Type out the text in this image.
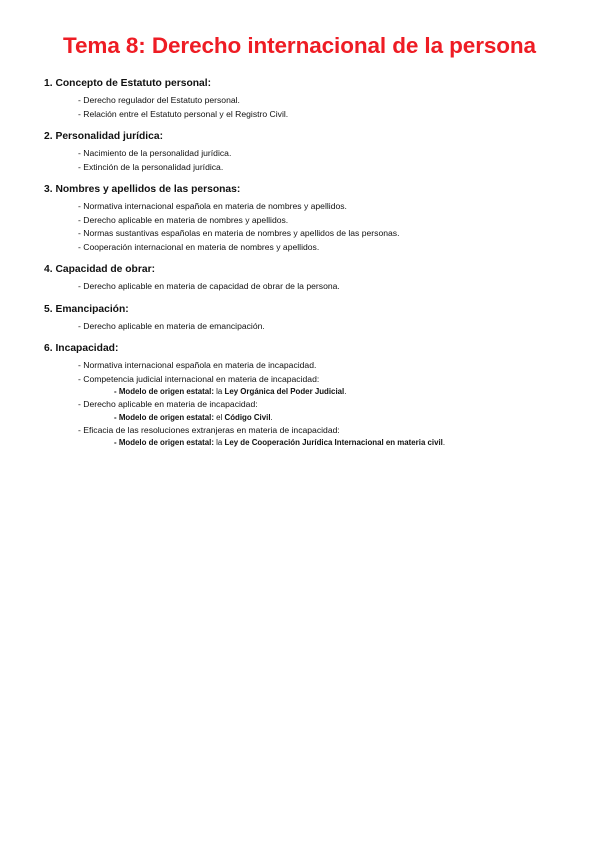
Tema 8: Derecho internacional de la persona
1. Concepto de Estatuto personal:
- Derecho regulador del Estatuto personal.
- Relación entre el Estatuto personal y el Registro Civil.
2. Personalidad jurídica:
- Nacimiento de la personalidad jurídica.
- Extinción de la personalidad jurídica.
3. Nombres y apellidos de las personas:
- Normativa internacional española en materia de nombres y apellidos.
- Derecho aplicable en materia de nombres y apellidos.
- Normas sustantivas españolas en materia de nombres y apellidos de las personas.
- Cooperación internacional en materia de nombres y apellidos.
4. Capacidad de obrar:
- Derecho aplicable en materia de capacidad de obrar de la persona.
5. Emancipación:
- Derecho aplicable en materia de emancipación.
6. Incapacidad:
- Normativa internacional española en materia de incapacidad.
- Competencia judicial internacional en materia de incapacidad:
- Modelo de origen estatal: la Ley Orgánica del Poder Judicial.
- Derecho aplicable en materia de incapacidad:
- Modelo de origen estatal: el Código Civil.
- Eficacia de las resoluciones extranjeras en materia de incapacidad:
- Modelo de origen estatal: la Ley de Cooperación Jurídica Internacional en materia civil.
